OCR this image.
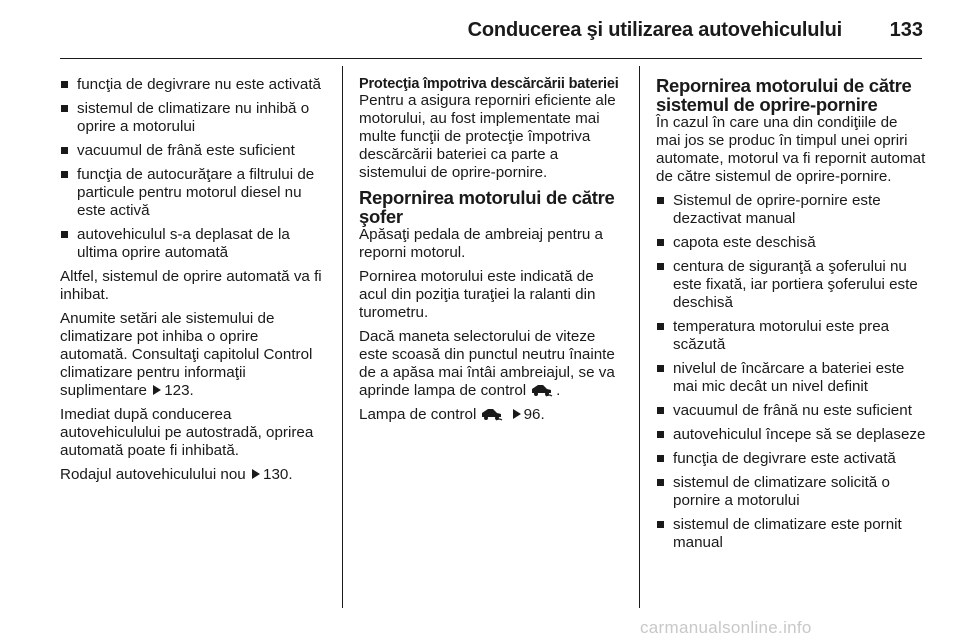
Conducerea şi utilizarea autovehiculului 133
funcţia de degivrare nu este activată
sistemul de climatizare nu inhibă o oprire a motorului
vacuumul de frână este suficient
funcţia de autocurăţare a filtrului de particule pentru motorul diesel nu este activă
autovehiculul s-a deplasat de la ultima oprire automată

Altfel, sistemul de oprire automată va fi inhibat.

Anumite setări ale sistemului de climatizare pot inhiba o oprire automată. Consultaţi capitolul Control climatizare pentru informaţii suplimentare 123.

Imediat după conducerea autovehiculului pe autostradă, oprirea automată poate fi inhibată.

Rodajul autovehiculului nou 130.

Protecţia împotriva descărcării bateriei

Pentru a asigura reporniri eficiente ale motorului, au fost implementate mai multe funcţii de protecţie împotriva descărcării bateriei ca parte a sistemului de oprire-pornire.

Repornirea motorului de către şofer

Apăsaţi pedala de ambreiaj pentru a reporni motorul.

Pornirea motorului este indicată de acul din poziţia turaţiei la ralanti din turometru.

Dacă maneta selectorului de viteze este scoasă din punctul neutru înainte de a apăsa mai întâi ambreiajul, se va aprinde lampa de control .

Lampa de control	96.

Repornirea motorului de către sistemul de oprire-pornire

În cazul în care una din condiţiile de mai jos se produc în timpul unei opriri automate, motorul va fi repornit automat de către sistemul de oprire-pornire.

Sistemul de oprire-pornire este dezactivat manual
capota este deschisă
centura de siguranţă a şoferului nu este fixată, iar portiera şoferului este deschisă
temperatura motorului este prea scăzută
nivelul de încărcare a bateriei este mai mic decât un nivel definit
vacuumul de frână nu este suficient
autovehiculul începe să se deplaseze
funcţia de degivrare este activată
sistemul de climatizare solicită o pornire a motorului
sistemul de climatizare este pornit manual
carmanualsonline.info
